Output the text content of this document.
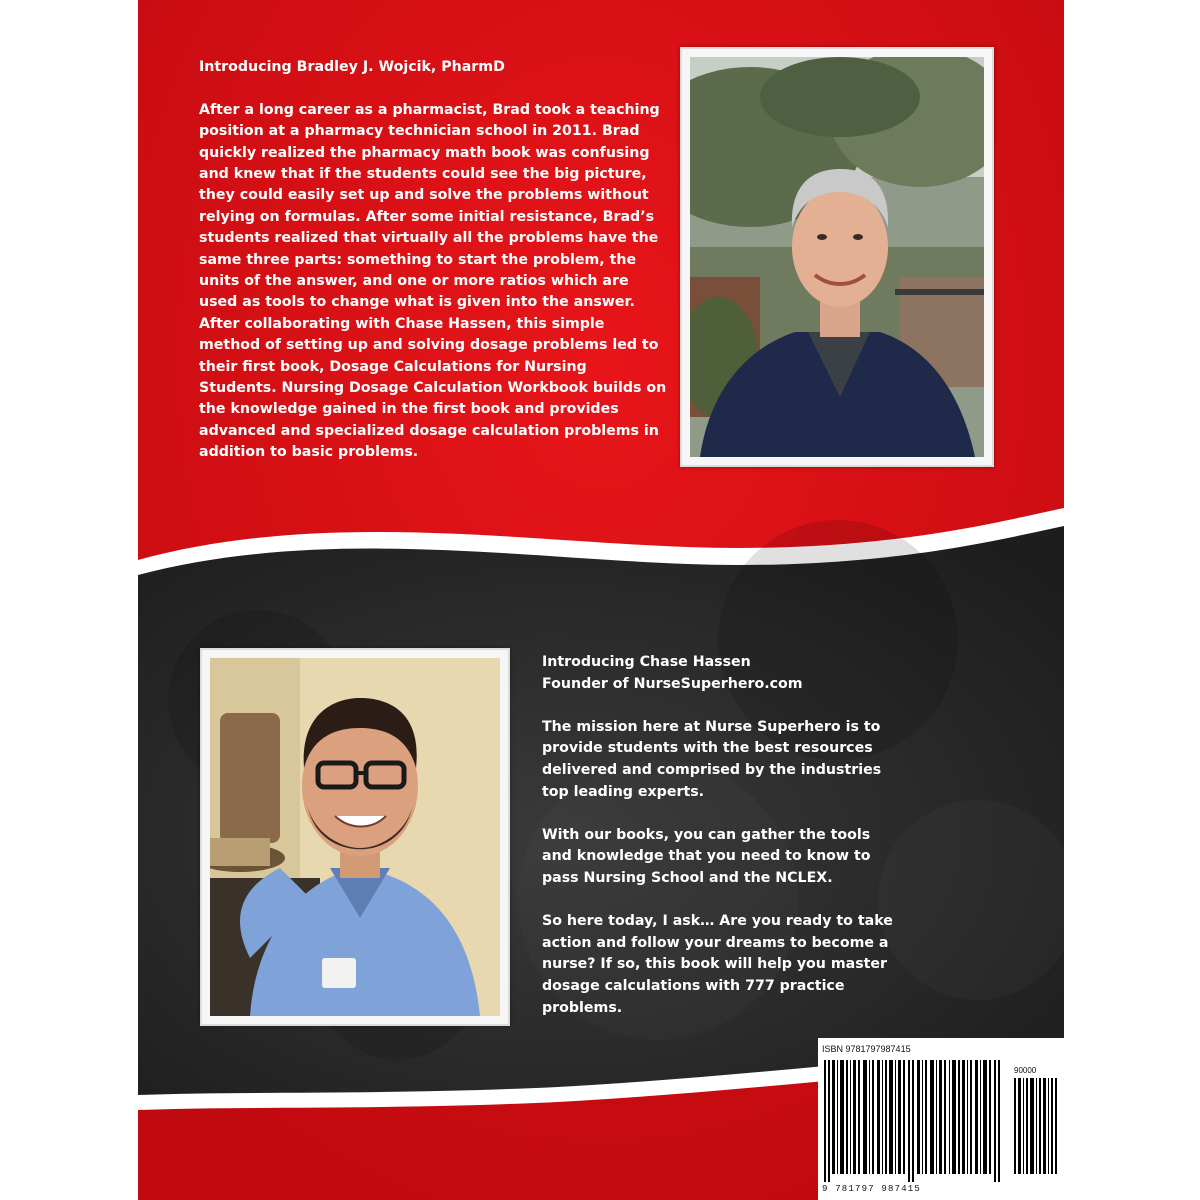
Introducing Bradley J. Wojcik, PharmD

After a long career as a pharmacist, Brad took a teaching position at a pharmacy technician school in 2011. Brad quickly realized the pharmacy math book was confusing and knew that if the students could see the big picture, they could easily set up and solve the problems without relying on formulas. After some initial resistance, Brad’s students realized that virtually all the problems have the same three parts: something to start the problem, the units of the answer, and one or more ratios which are used as tools to change what is given into the answer. After collaborating with Chase Hassen, this simple method of setting up and solving dosage problems led to their first book, Dosage Calculations for Nursing Students. Nursing Dosage Calculation Workbook builds on the knowledge gained in the first book and provides advanced and specialized dosage calculation problems in addition to basic problems.

Introducing Chase Hassen
Founder of NurseSuperhero.com

The mission here at Nurse Superhero is to provide students with the best resources delivered and comprised by the industries top leading experts.

With our books, you can gather the tools and knowledge that you need to know to pass Nursing School and the NCLEX.

So here today, I ask… Are you ready to take action and follow your dreams to become a nurse? If so, this book will help you master dosage calculations with 777 practice problems.

ISBN 9781797987415
90000
9 781797 987415
